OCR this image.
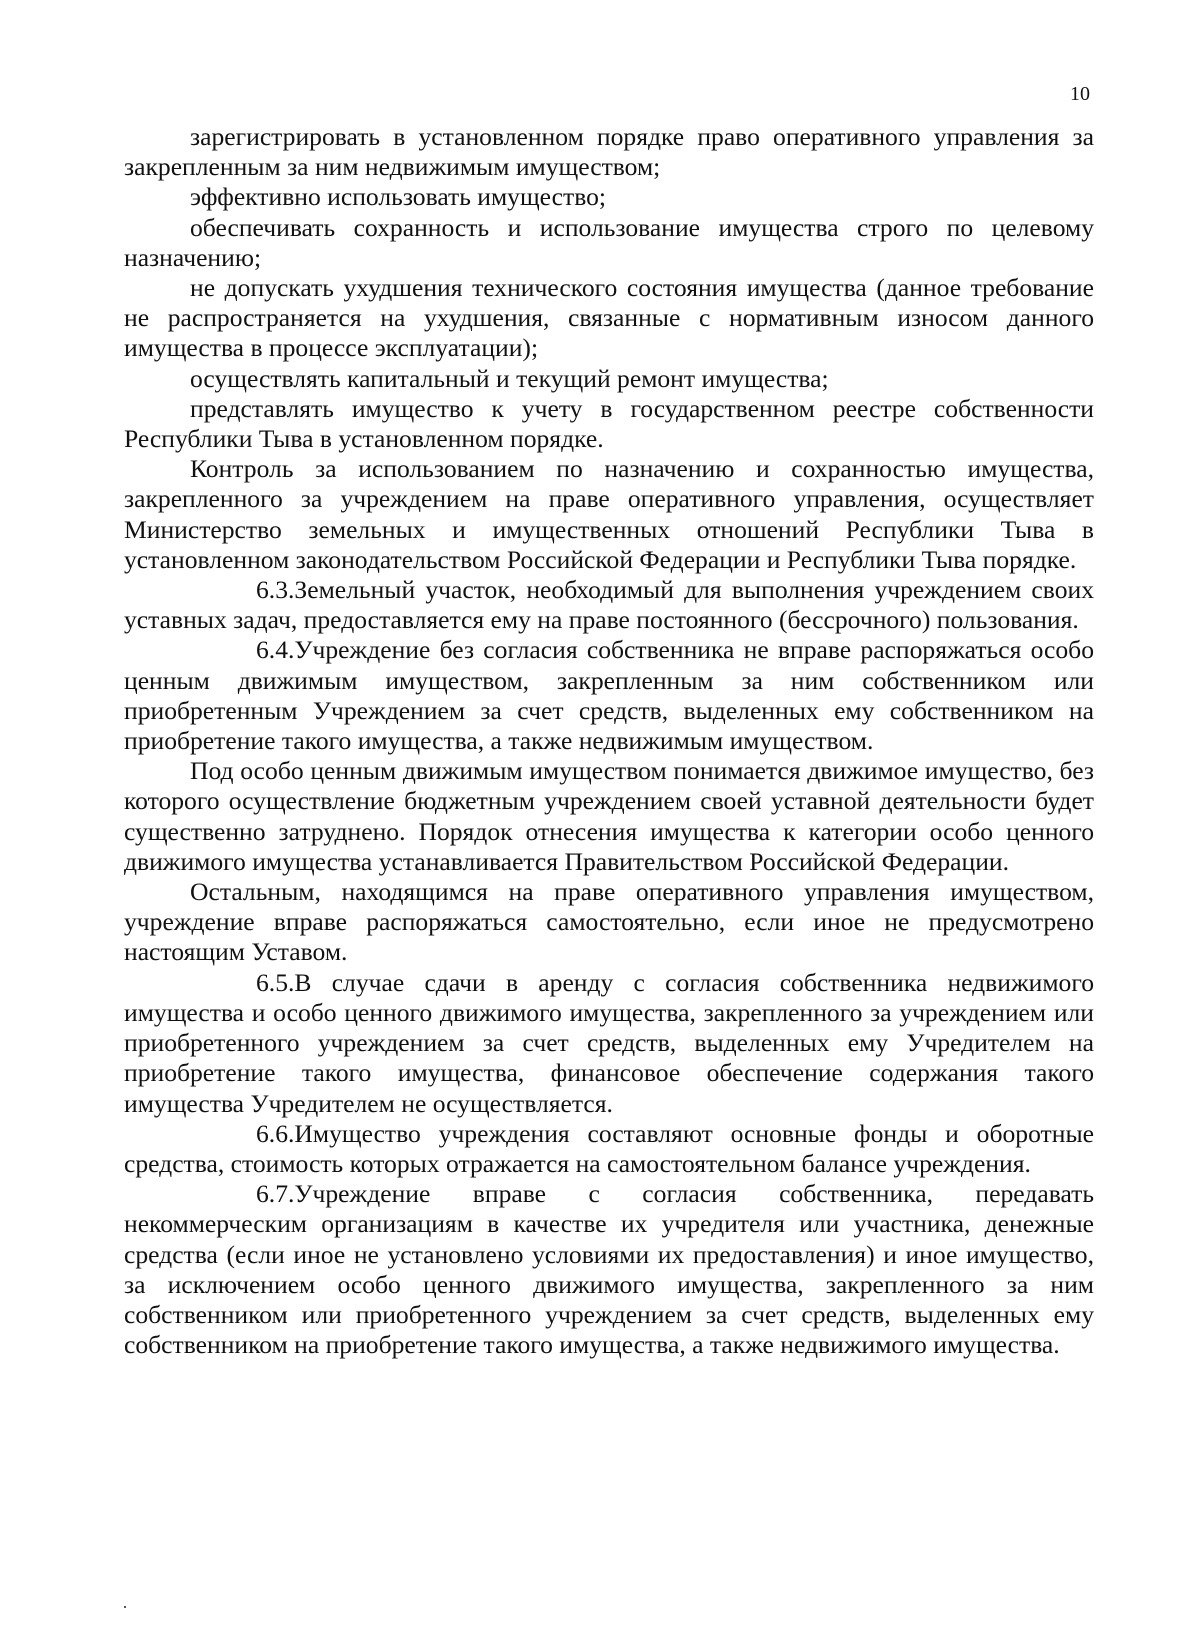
10

зарегистрировать в установленном порядке право оперативного управления за закрепленным за ним недвижимым имуществом;

эффективно использовать имущество;

обеспечивать сохранность и использование имущества строго по целевому назначению;

не допускать ухудшения технического состояния имущества (данное требование не распространяется на ухудшения, связанные с нормативным износом данного имущества в процессе эксплуатации);

осуществлять капитальный и текущий ремонт имущества;

представлять имущество к учету в государственном реестре собственности Республики Тыва в установленном порядке.

Контроль за использованием по назначению и сохранностью имущества, закрепленного за учреждением на праве оперативного управления, осуществляет Министерство земельных и имущественных отношений Республики Тыва в установленном законодательством Российской Федерации и Республики Тыва порядке.

6.3.Земельный участок, необходимый для выполнения учреждением своих уставных задач, предоставляется ему на праве постоянного (бессрочного) пользования.

6.4.Учреждение без согласия собственника не вправе распоряжаться особо ценным движимым имуществом, закрепленным за ним собственником или приобретенным Учреждением за счет средств, выделенных ему собственником на приобретение такого имущества, а также недвижимым имуществом.

Под особо ценным движимым имуществом понимается движимое имущество, без которого осуществление бюджетным учреждением своей уставной деятельности будет существенно затруднено. Порядок отнесения имущества к категории особо ценного движимого имущества устанавливается Правительством Российской Федерации.

Остальным, находящимся на праве оперативного управления имуществом, учреждение вправе распоряжаться самостоятельно, если иное не предусмотрено настоящим Уставом.

6.5.В случае сдачи в аренду с согласия собственника недвижимого имущества и особо ценного движимого имущества, закрепленного за учреждением или приобретенного учреждением за счет средств, выделенных ему Учредителем на приобретение такого имущества, финансовое обеспечение содержания такого имущества Учредителем не осуществляется.

6.6.Имущество учреждения составляют основные фонды и оборотные средства, стоимость которых отражается на самостоятельном балансе учреждения.

6.7.Учреждение вправе с согласия собственника, передавать некоммерческим организациям в качестве их учредителя или участника, денежные средства (если иное не установлено условиями их предоставления) и иное имущество, за исключением особо ценного движимого имущества, закрепленного за ним собственником или приобретенного учреждением за счет средств, выделенных ему собственником на приобретение такого имущества, а также недвижимого имущества.
